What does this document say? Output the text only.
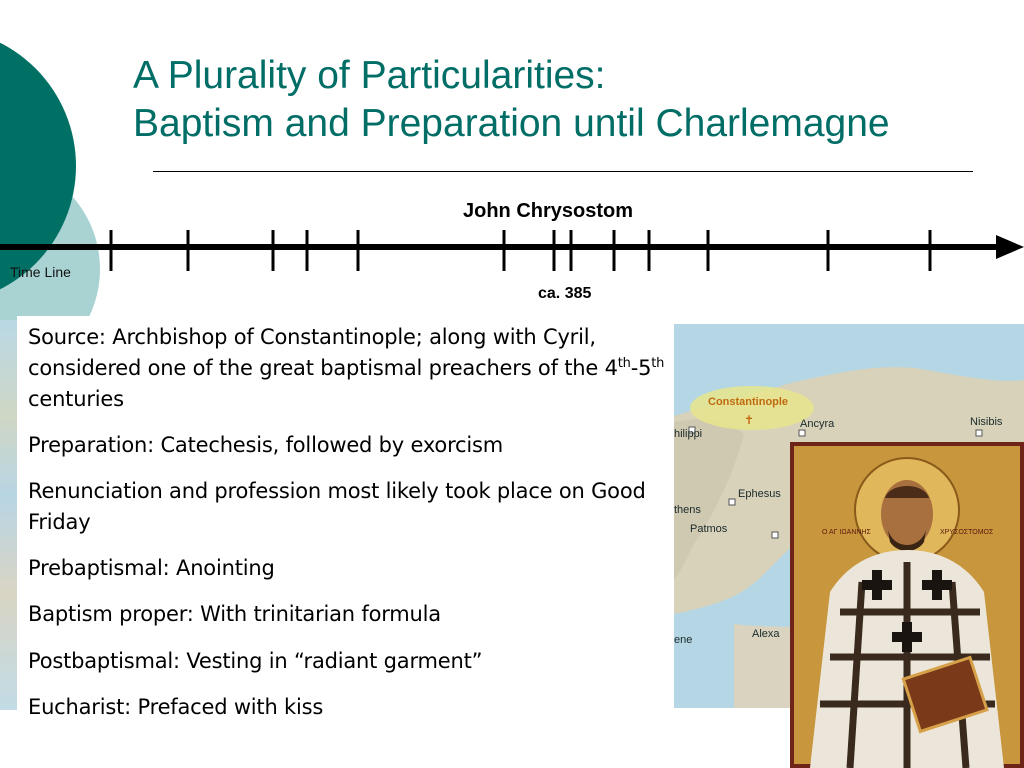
A Plurality of Particularities:
Baptism and Preparation until Charlemagne
John Chrysostom
Time Line
ca. 385
✝
Constantinople
Ancyra	Nisibis
hilippi
Ephesus
thens
Patmos
ene	Alexa

Source: Archbishop of Constantinople; along with Cyril, considered one of the great baptismal preachers of the 4th-5th centuries

Preparation: Catechesis, followed by exorcism

Renunciation and profession most likely took place on Good Friday

Prebaptismal: Anointing

Baptism proper: With trinitarian formula

Postbaptismal: Vesting in “radiant garment”

Eucharist: Prefaced with kiss

Ο ΑΓ ΙΩΑΝΝΗΣ	ΧΡΥΣΟΣΤΟΜΟΣ
